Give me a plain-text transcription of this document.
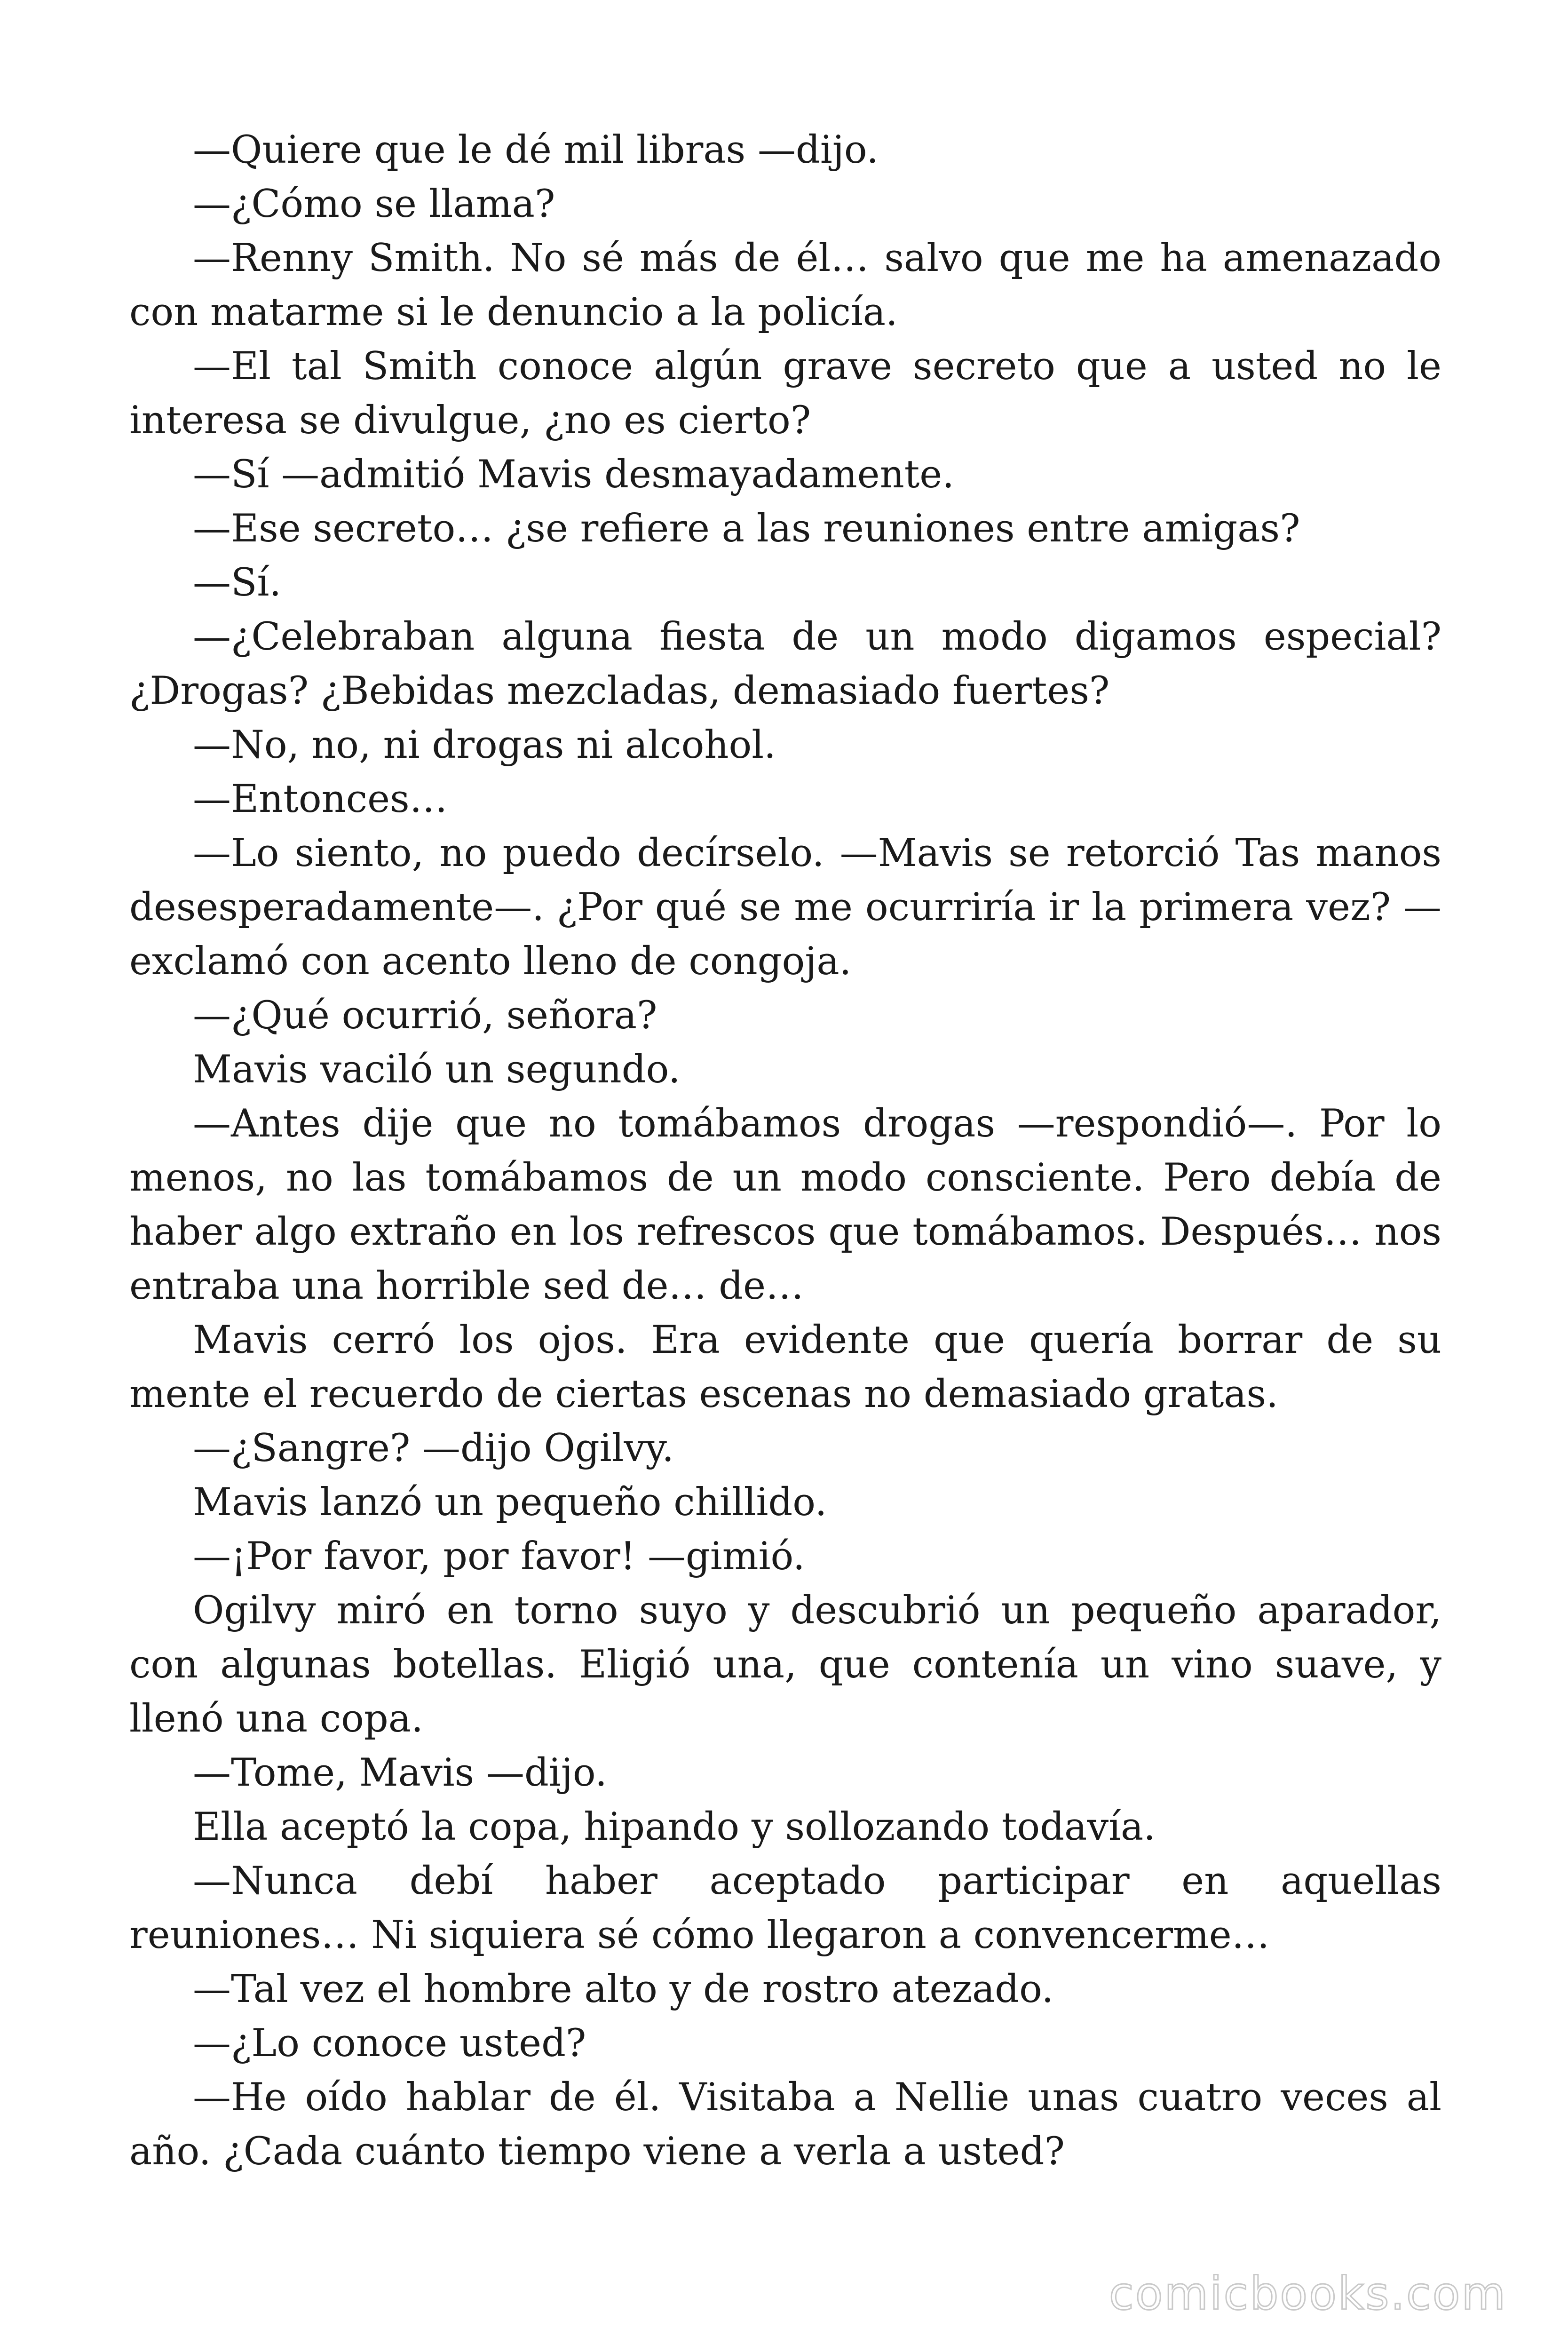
—Quiere que le dé mil libras —dijo.

—¿Cómo se llama?

—Renny Smith. No sé más de él… salvo que me ha amenazado con matarme si le denuncio a la policía.

—El tal Smith conoce algún grave secreto que a usted no le interesa se divulgue, ¿no es cierto?

—Sí —admitió Mavis desmayadamente.

—Ese secreto… ¿se refiere a las reuniones entre amigas?

—Sí.

—¿Celebraban alguna fiesta de un modo digamos especial? ¿Drogas? ¿Bebidas mezcladas, demasiado fuertes?

—No, no, ni drogas ni alcohol.

—Entonces…

—Lo siento, no puedo decírselo. —Mavis se retorció Tas manos desesperadamente—. ¿Por qué se me ocurriría ir la primera vez? —exclamó con acento lleno de congoja.

—¿Qué ocurrió, señora?

Mavis vaciló un segundo.

—Antes dije que no tomábamos drogas —respondió—. Por lo menos, no las tomábamos de un modo consciente. Pero debía de haber algo extraño en los refrescos que tomábamos. Después… nos entraba una horrible sed de… de…

Mavis cerró los ojos. Era evidente que quería borrar de su mente el recuerdo de ciertas escenas no demasiado gratas.

—¿Sangre? —dijo Ogilvy.

Mavis lanzó un pequeño chillido.

—¡Por favor, por favor! —gimió.

Ogilvy miró en torno suyo y descubrió un pequeño aparador, con algunas botellas. Eligió una, que contenía un vino suave, y llenó una copa.

—Tome, Mavis —dijo.

Ella aceptó la copa, hipando y sollozando todavía.

—Nunca debí haber aceptado participar en aquellas reuniones… Ni siquiera sé cómo llegaron a convencerme…

—Tal vez el hombre alto y de rostro atezado.

—¿Lo conoce usted?

—He oído hablar de él. Visitaba a Nellie unas cuatro veces al año. ¿Cada cuánto tiempo viene a verla a usted?

comicbooks.com
